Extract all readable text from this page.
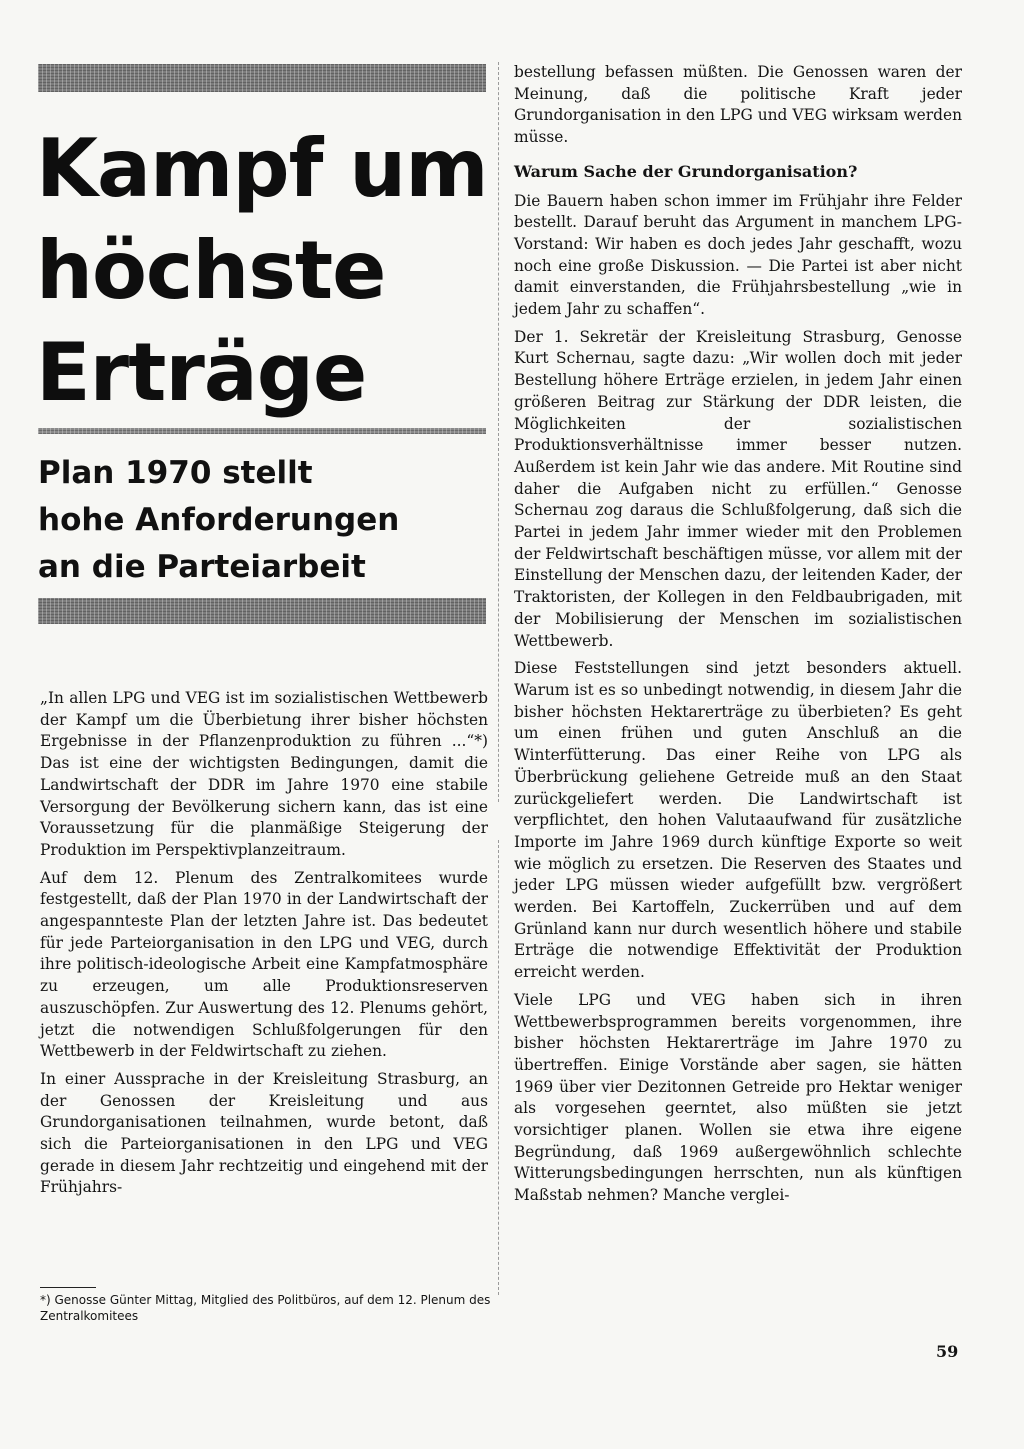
Kampf um
höchste
Erträge
Plan 1970 stellt
hohe Anforderungen
an die Parteiarbeit

„In allen LPG und VEG ist im sozialistischen Wettbewerb der Kampf um die Überbietung ihrer bisher höchsten Ergebnisse in der Pflanzenproduktion zu führen ...“*) Das ist eine der wichtigsten Bedingungen, damit die Landwirtschaft der DDR im Jahre 1970 eine stabile Versorgung der Bevölkerung sichern kann, das ist eine Voraussetzung für die planmäßige Steigerung der Produktion im Perspektivplanzeitraum.

Auf dem 12. Plenum des Zentralkomitees wurde festgestellt, daß der Plan 1970 in der Landwirtschaft der angespannteste Plan der letzten Jahre ist. Das bedeutet für jede Parteiorganisation in den LPG und VEG, durch ihre politisch-ideologische Arbeit eine Kampfatmosphäre zu erzeugen, um alle Produktionsreserven auszuschöpfen. Zur Auswertung des 12. Plenums gehört, jetzt die notwendigen Schlußfolgerungen für den Wettbewerb in der Feldwirtschaft zu ziehen.

In einer Aussprache in der Kreisleitung Strasburg, an der Genossen der Kreisleitung und aus Grundorganisationen teilnahmen, wurde betont, daß sich die Parteiorganisationen in den LPG und VEG gerade in diesem Jahr rechtzeitig und eingehend mit der Frühjahrs-

*) Genosse Günter Mittag, Mitglied des Politbüros, auf dem 12. Plenum des Zentralkomitees

bestellung befassen müßten. Die Genossen waren der Meinung, daß die politische Kraft jeder Grundorganisation in den LPG und VEG wirksam werden müsse.

Warum Sache der Grundorganisation?

Die Bauern haben schon immer im Frühjahr ihre Felder bestellt. Darauf beruht das Argument in manchem LPG-Vorstand: Wir haben es doch jedes Jahr geschafft, wozu noch eine große Diskussion. — Die Partei ist aber nicht damit einverstanden, die Frühjahrsbestellung „wie in jedem Jahr zu schaffen“.

Der 1. Sekretär der Kreisleitung Strasburg, Genosse Kurt Schernau, sagte dazu: „Wir wollen doch mit jeder Bestellung höhere Erträge erzielen, in jedem Jahr einen größeren Beitrag zur Stärkung der DDR leisten, die Möglichkeiten der sozialistischen Produktionsverhältnisse immer besser nutzen. Außerdem ist kein Jahr wie das andere. Mit Routine sind daher die Aufgaben nicht zu erfüllen.“ Genosse Schernau zog daraus die Schlußfolgerung, daß sich die Partei in jedem Jahr immer wieder mit den Problemen der Feldwirtschaft beschäftigen müsse, vor allem mit der Einstellung der Menschen dazu, der leitenden Kader, der Traktoristen, der Kollegen in den Feldbaubrigaden, mit der Mobilisierung der Menschen im sozialistischen Wettbewerb.

Diese Feststellungen sind jetzt besonders aktuell. Warum ist es so unbedingt notwendig, in diesem Jahr die bisher höchsten Hektarerträge zu überbieten? Es geht um einen frühen und guten Anschluß an die Winterfütterung. Das einer Reihe von LPG als Überbrückung geliehene Getreide muß an den Staat zurückgeliefert werden. Die Landwirtschaft ist verpflichtet, den hohen Valutaaufwand für zusätzliche Importe im Jahre 1969 durch künftige Exporte so weit wie möglich zu ersetzen. Die Reserven des Staates und jeder LPG müssen wieder aufgefüllt bzw. vergrößert werden. Bei Kartoffeln, Zuckerrüben und auf dem Grünland kann nur durch wesentlich höhere und stabile Erträge die notwendige Effektivität der Produktion erreicht werden.

Viele LPG und VEG haben sich in ihren Wettbewerbsprogrammen bereits vorgenommen, ihre bisher höchsten Hektarerträge im Jahre 1970 zu übertreffen. Einige Vorstände aber sagen, sie hätten 1969 über vier Dezitonnen Getreide pro Hektar weniger als vorgesehen geerntet, also müßten sie jetzt vorsichtiger planen. Wollen sie etwa ihre eigene Begründung, daß 1969 außergewöhnlich schlechte Witterungsbedingungen herrschten, nun als künftigen Maßstab nehmen? Manche verglei-

59
